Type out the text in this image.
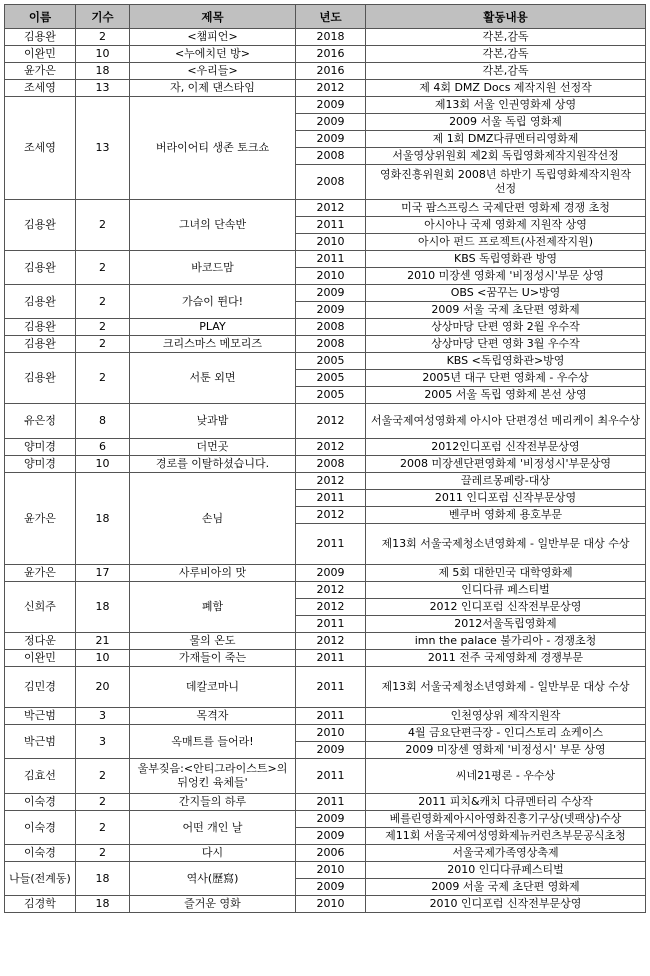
이름	기수	제목	년도	활동내용
김용완	2	<챔피언>	2018	각본,감독
이완민	10	<누에치던 방>	2016	각본,감독
윤가은	18	<우리들>	2016	각본,감독
조세영	13	자, 이제 댄스타임	2012	제 4회 DMZ Docs 제작지원 선정작
조세영	13	버라이어티 생존 토크쇼	2009	제13회 서울 인권영화제 상영
			2009	2009 서울 독립 영화제
			2009	제 1회 DMZ다큐멘터리영화제
			2008	서울영상위원회 제2회 독립영화제작지원작선정
			2008	영화진흥위원회 2008년 하반기 독립영화제작지원작 선정
김용완	2	그녀의 단속반	2012	미국 팜스프링스 국제단편 영화제 경쟁 초청
			2011	아시아나 국제 영화제 지원작 상영
			2010	아시아 펀드 프로젝트(사전제작지원)
김용완	2	바코드맘	2011	KBS 독립영화관 방영
			2010	2010 미장센 영화제 '비정성시'부문 상영
김용완	2	가슴이 뛴다!	2009	OBS <꿈꾸는 U>방영
			2009	2009 서울 국제 초단편 영화제
김용완	2	PLAY	2008	상상마당 단편 영화 2월 우수작
김용완	2	크리스마스 메모리즈	2008	상상마당 단편 영화 3월 우수작
김용완	2	서툰 외면	2005	KBS <독립영화관>방영
			2005	2005년 대구 단편 영화제 - 우수상
			2005	2005 서울 독립 영화제 본선 상영
유은정	8	낮과밤	2012	서울국제여성영화제 아시아 단편경선 메리케이 최우수상
양미경	6	더먼곳	2012	2012인디포럼 신작전부문상영
양미경	10	경로를 이탈하셨습니다.	2008	2008 미장센단편영화제 '비정성시'부문상영
윤가은	18	손님	2012	끌레르몽페랑-대상
			2011	2011 인디포럼 신작부문상영
			2012	벤쿠버 영화제 용호부문
			2011	제13회 서울국제청소년영화제 - 일반부문 대상 수상
윤가은	17	사루비아의 맛	2009	제 5회 대한민국 대학영화제
신희주	18	폐함	2012	인디다큐 페스티벌
			2012	2012 인디포럼 신작전부문상영
			2011	2012서울독립영화제
정다운	21	물의 온도	2012	imn the palace 불가리아 - 경쟁초청
이완민	10	가재들이 죽는	2011	2011 전주 국제영화제 경쟁부문
김민경	20	데칼코마니	2011	제13회 서울국제청소년영화제 - 일반부문 대상 수상
박근범	3	목격자	2011	인천영상위 제작지원작
박근범	3	옥매트를 들어라!	2010	4월 금요단편극장 - 인디스토리 쇼케이스
			2009	2009 미장센 영화제 '비정성시' 부문 상영
김효선	2	울부짖음:<안티그라이스트>의 뒤엉킨 육체들'	2011	씨네21평론 - 우수상
이숙경	2	간지들의 하루	2011	2011 피치&캐치 다큐멘터리 수상작
이숙경	2	어떤 개인 날	2009	베를린영화제아시아영화진흥기구상(넷팩상)수상
			2009	제11회 서울국제여성영화제뉴커런츠부문공식초청
이숙경	2	다시	2006	서울국제가족영상축제
나들(전계동)	18	역사(歷寫)	2010	2010 인디다큐페스티벌
			2009	2009 서울 국제 초단편 영화제
김경학	18	즐거운 영화	2010	2010 인디포럼 신작전부문상영
